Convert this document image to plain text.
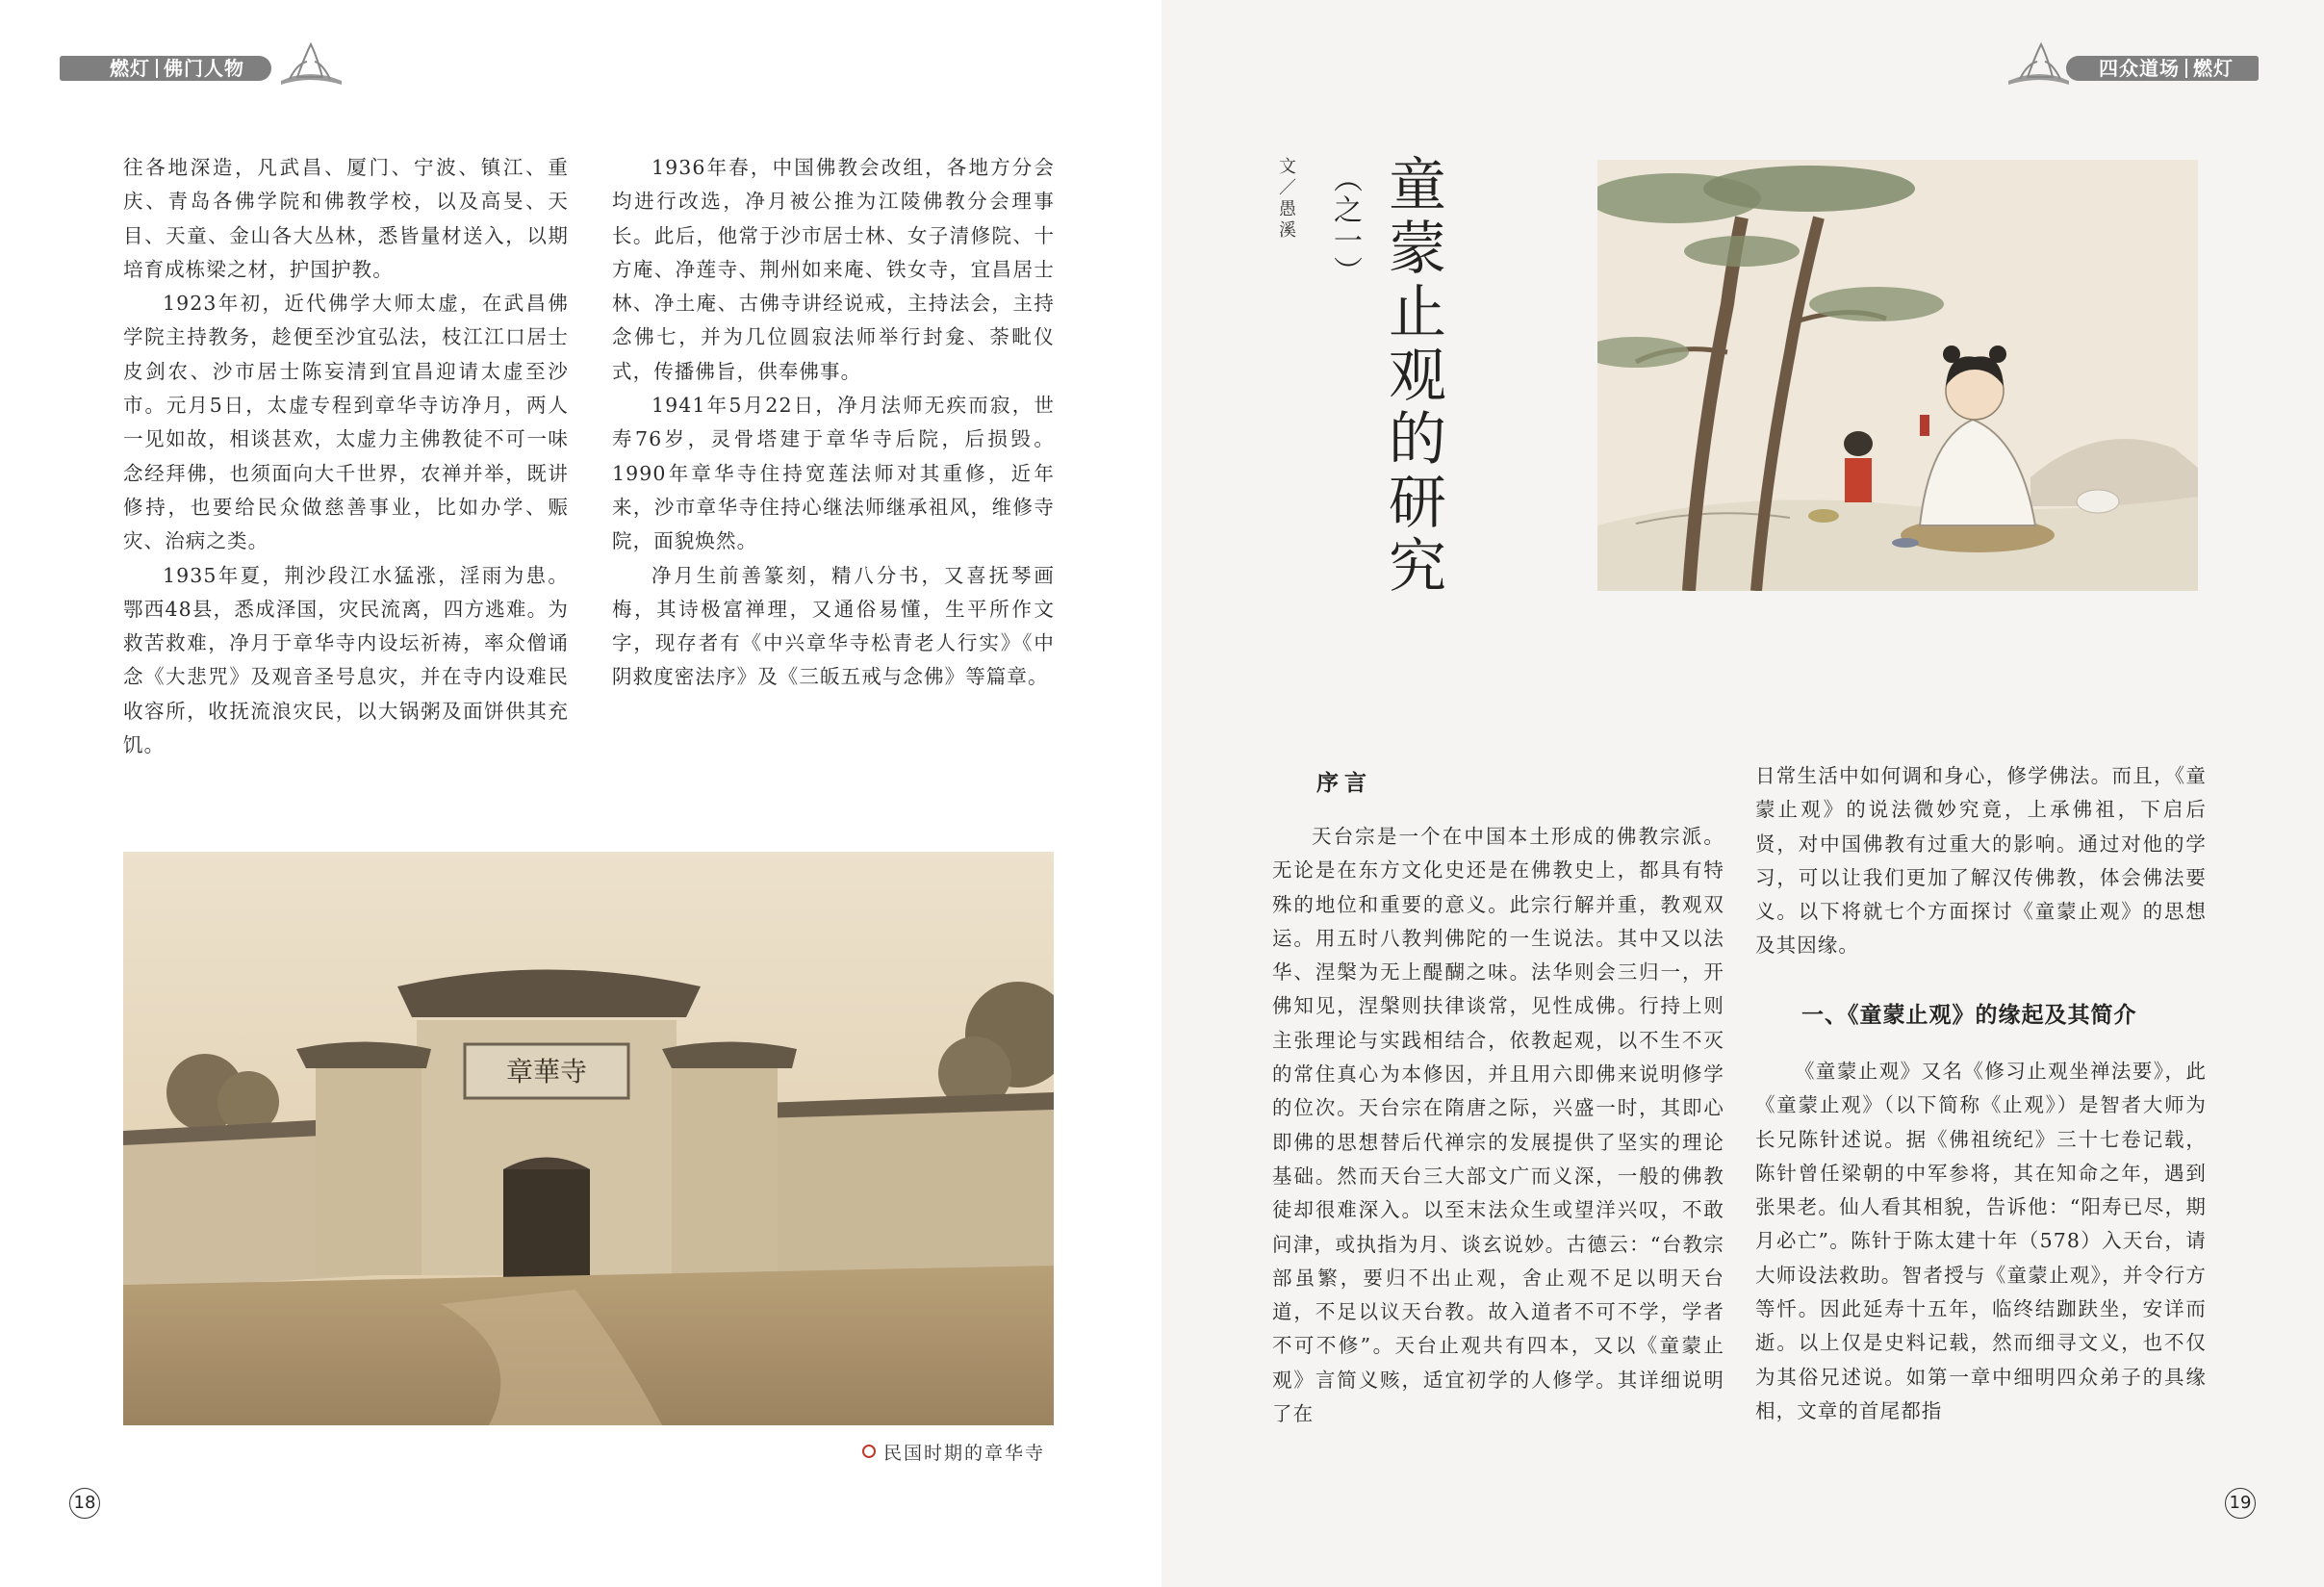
燃灯 佛门人物

往各地深造，凡武昌、厦门、宁波、镇江、重庆、青岛各佛学院和佛教学校，以及高旻、天目、天童、金山各大丛林，悉皆量材送入，以期培育成栋梁之材，护国护教。

1923年初，近代佛学大师太虚，在武昌佛学院主持教务，趁便至沙宜弘法，枝江江口居士皮剑农、沙市居士陈妄清到宜昌迎请太虚至沙市。元月5日，太虚专程到章华寺访净月，两人一见如故，相谈甚欢，太虚力主佛教徒不可一味念经拜佛，也须面向大千世界，农禅并举，既讲修持，也要给民众做慈善事业，比如办学、赈灾、治病之类。

1935年夏，荆沙段江水猛涨，淫雨为患。鄂西48县，悉成泽国，灾民流离，四方逃难。为救苦救难，净月于章华寺内设坛祈祷，率众僧诵念《大悲咒》及观音圣号息灾，并在寺内设难民收容所，收抚流浪灾民，以大锅粥及面饼供其充饥。

1936年春，中国佛教会改组，各地方分会均进行改选，净月被公推为江陵佛教分会理事长。此后，他常于沙市居士林、女子清修院、十方庵、净莲寺、荆州如来庵、铁女寺，宜昌居士林、净土庵、古佛寺讲经说戒，主持法会，主持念佛七，并为几位圆寂法师举行封龛、荼毗仪式，传播佛旨，供奉佛事。

1941年5月22日，净月法师无疾而寂，世寿76岁，灵骨塔建于章华寺后院，后损毁。1990年章华寺住持宽莲法师对其重修，近年来，沙市章华寺住持心继法师继承祖风，维修寺院，面貌焕然。

净月生前善篆刻，精八分书，又喜抚琴画梅，其诗极富禅理，又通俗易懂，生平所作文字，现存者有《中兴章华寺松青老人行实》《中阴救度密法序》及《三皈五戒与念佛》等篇章。

章華寺
民国时期的章华寺
18
四众道场 燃灯
文／愚溪 （之一） 童蒙止观的研究
序言

天台宗是一个在中国本土形成的佛教宗派。无论是在东方文化史还是在佛教史上，都具有特殊的地位和重要的意义。此宗行解并重，教观双运。用五时八教判佛陀的一生说法。其中又以法华、涅槃为无上醍醐之味。法华则会三归一，开佛知见，涅槃则扶律谈常，见性成佛。行持上则主张理论与实践相结合，依教起观，以不生不灭的常住真心为本修因，并且用六即佛来说明修学的位次。天台宗在隋唐之际，兴盛一时，其即心即佛的思想替后代禅宗的发展提供了坚实的理论基础。然而天台三大部文广而义深，一般的佛教徒却很难深入。以至末法众生或望洋兴叹，不敢问津，或执指为月、谈玄说妙。古德云：“台教宗部虽繁，要归不出止观，舍止观不足以明天台道，不足以议天台教。故入道者不可不学，学者不可不修”。天台止观共有四本，又以《童蒙止观》言简义赅，适宜初学的人修学。其详细说明了在

日常生活中如何调和身心，修学佛法。而且，《童蒙止观》的说法微妙究竟，上承佛祖，下启后贤，对中国佛教有过重大的影响。通过对他的学习，可以让我们更加了解汉传佛教，体会佛法要义。以下将就七个方面探讨《童蒙止观》的思想及其因缘。

一、《童蒙止观》的缘起及其简介

《童蒙止观》又名《修习止观坐禅法要》，此《童蒙止观》（以下简称《止观》）是智者大师为长兄陈针述说。据《佛祖统纪》三十七卷记载，陈针曾任梁朝的中军参将，其在知命之年，遇到张果老。仙人看其相貌，告诉他：“阳寿已尽，期月必亡”。陈针于陈太建十年（578）入天台，请大师设法救助。智者授与《童蒙止观》，并令行方等忏。因此延寿十五年，临终结跏趺坐，安详而逝。以上仅是史料记载，然而细寻文义，也不仅为其俗兄述说。如第一章中细明四众弟子的具缘相，文章的首尾都指

19
